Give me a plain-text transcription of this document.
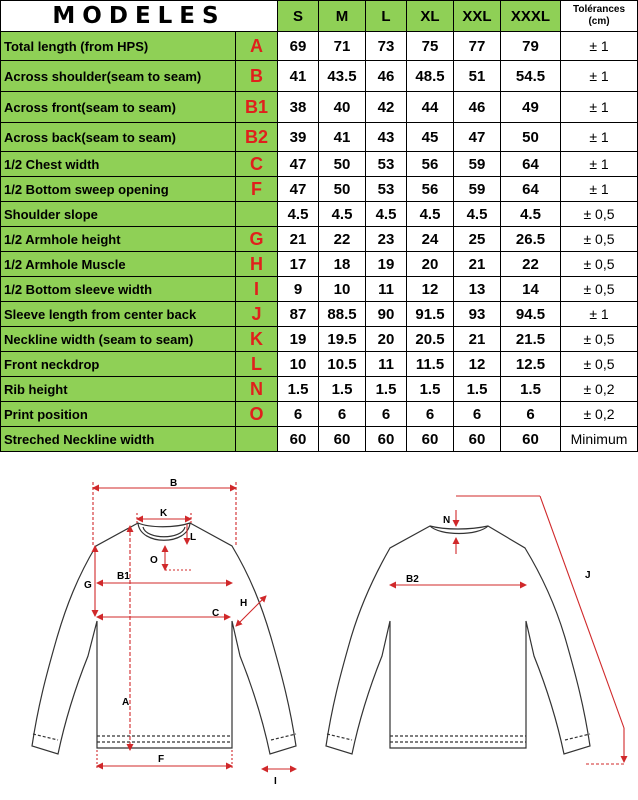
MODELES		S	M	L	XL	XXL	XXXL	Tolérances
(cm)
Total length (from HPS)	A	69	71	73	75	77	79	± 1
Across shoulder(seam to seam)	B	41	43.5	46	48.5	51	54.5	± 1
Across front(seam to seam)	B1	38	40	42	44	46	49	± 1
Across back(seam to seam)	B2	39	41	43	45	47	50	± 1
1/2 Chest width	C	47	50	53	56	59	64	± 1
1/2 Bottom sweep opening	F	47	50	53	56	59	64	± 1
Shoulder slope		4.5	4.5	4.5	4.5	4.5	4.5	± 0,5
1/2 Armhole height	G	21	22	23	24	25	26.5	± 0,5
1/2 Armhole Muscle	H	17	18	19	20	21	22	± 0,5
1/2 Bottom sleeve width	I	9	10	11	12	13	14	± 0,5
Sleeve length from center back	J	87	88.5	90	91.5	93	94.5	± 1
Neckline width (seam to seam)	K	19	19.5	20	20.5	21	21.5	± 0,5
Front neckdrop	L	10	10.5	11	11.5	12	12.5	± 0,5
Rib height	N	1.5	1.5	1.5	1.5	1.5	1.5	± 0,2
Print position	O	6	6	6	6	6	6	± 0,2
Streched Neckline width		60	60	60	60	60	60	Minimum
B
K
L
O
B1
G
C
H
A
F
I
N
B2	J
